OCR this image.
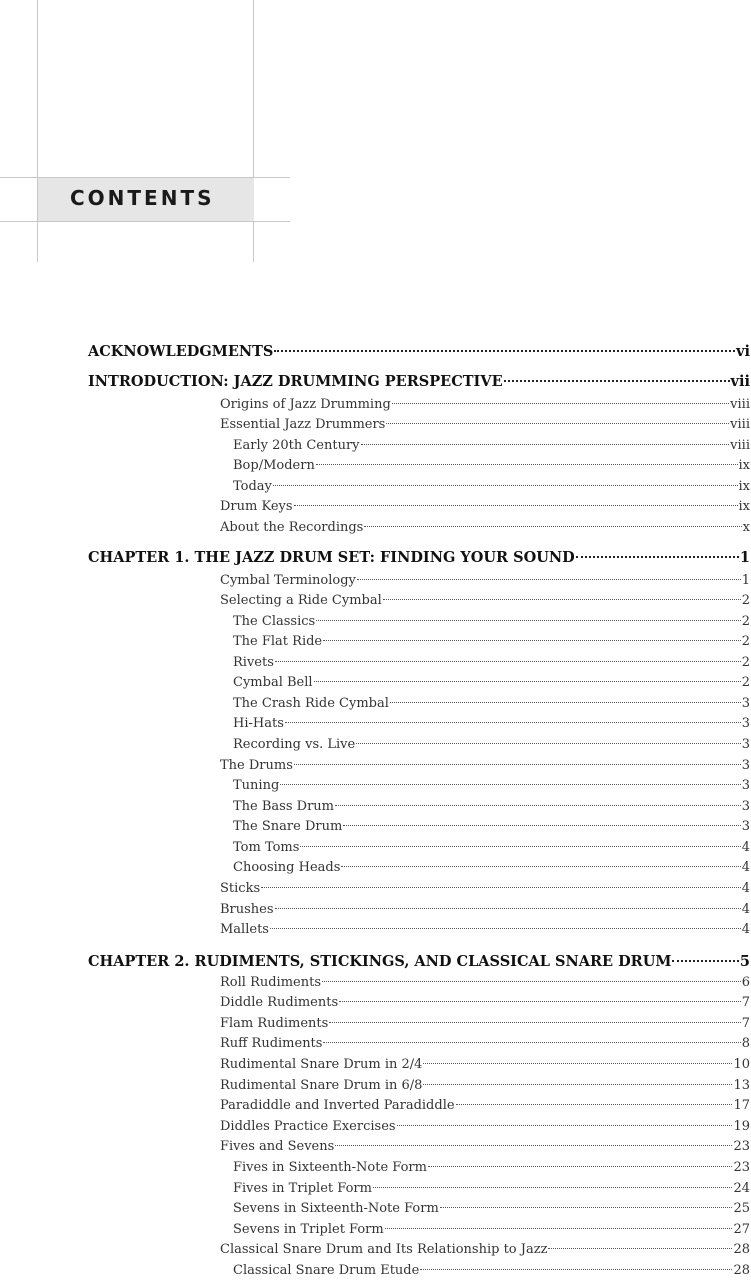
CONTENTS
ACKNOWLEDGMENTS	vi
INTRODUCTION: JAZZ DRUMMING PERSPECTIVE	vii
Origins of Jazz Drumming	viii
Essential Jazz Drummers	viii
Early 20th Century	viii
Bop/Modern	ix
Today	ix
Drum Keys	ix
About the Recordings	x
CHAPTER 1. THE JAZZ DRUM SET: FINDING YOUR SOUND	1
Cymbal Terminology	1
Selecting a Ride Cymbal	2
The Classics	2
The Flat Ride	2
Rivets	2
Cymbal Bell	2
The Crash Ride Cymbal	3
Hi-Hats	3
Recording vs. Live	3
The Drums	3
Tuning	3
The Bass Drum	3
The Snare Drum	3
Tom Toms	4
Choosing Heads	4
Sticks	4
Brushes	4
Mallets	4
CHAPTER 2. RUDIMENTS, STICKINGS, AND CLASSICAL SNARE DRUM	5
Roll Rudiments	6
Diddle Rudiments	7
Flam Rudiments	7
Ruff Rudiments	8
Rudimental Snare Drum in 2/4	10
Rudimental Snare Drum in 6/8	13
Paradiddle and Inverted Paradiddle	17
Diddles Practice Exercises	19
Fives and Sevens	23
Fives in Sixteenth-Note Form	23
Fives in Triplet Form	24
Sevens in Sixteenth-Note Form	25
Sevens in Triplet Form	27
Classical Snare Drum and Its Relationship to Jazz	28
Classical Snare Drum Etude	28
